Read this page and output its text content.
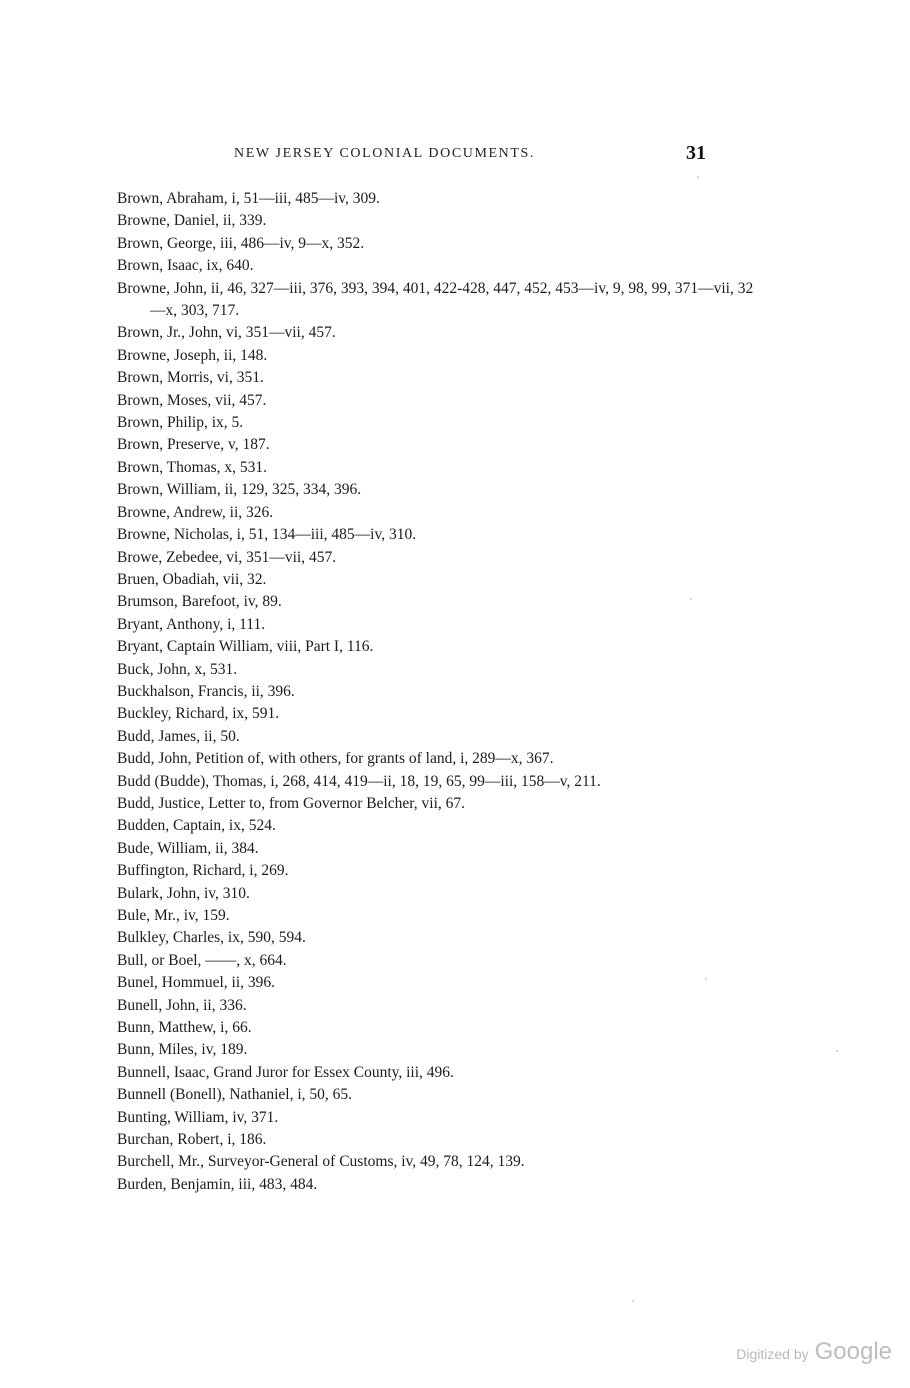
NEW JERSEY COLONIAL DOCUMENTS.	31
Brown, Abraham, i, 51—iii, 485—iv, 309.
Browne, Daniel, ii, 339.
Brown, George, iii, 486—iv, 9—x, 352.
Brown, Isaac, ix, 640.
Browne, John, ii, 46, 327—iii, 376, 393, 394, 401, 422-428, 447, 452, 453—iv, 9, 98, 99, 371—vii, 32—x, 303, 717.
Brown, Jr., John, vi, 351—vii, 457.
Browne, Joseph, ii, 148.
Brown, Morris, vi, 351.
Brown, Moses, vii, 457.
Brown, Philip, ix, 5.
Brown, Preserve, v, 187.
Brown, Thomas, x, 531.
Brown, William, ii, 129, 325, 334, 396.
Browne, Andrew, ii, 326.
Browne, Nicholas, i, 51, 134—iii, 485—iv, 310.
Browe, Zebedee, vi, 351—vii, 457.
Bruen, Obadiah, vii, 32.
Brumson, Barefoot, iv, 89.
Bryant, Anthony, i, 111.
Bryant, Captain William, viii, Part I, 116.
Buck, John, x, 531.
Buckhalson, Francis, ii, 396.
Buckley, Richard, ix, 591.
Budd, James, ii, 50.
Budd, John, Petition of, with others, for grants of land, i, 289—x, 367.
Budd (Budde), Thomas, i, 268, 414, 419—ii, 18, 19, 65, 99—iii, 158—v, 211.
Budd, Justice, Letter to, from Governor Belcher, vii, 67.
Budden, Captain, ix, 524.
Bude, William, ii, 384.
Buffington, Richard, i, 269.
Bulark, John, iv, 310.
Bule, Mr., iv, 159.
Bulkley, Charles, ix, 590, 594.
Bull, or Boel, ——, x, 664.
Bunel, Hommuel, ii, 396.
Bunell, John, ii, 336.
Bunn, Matthew, i, 66.
Bunn, Miles, iv, 189.
Bunnell, Isaac, Grand Juror for Essex County, iii, 496.
Bunnell (Bonell), Nathaniel, i, 50, 65.
Bunting, William, iv, 371.
Burchan, Robert, i, 186.
Burchell, Mr., Surveyor-General of Customs, iv, 49, 78, 124, 139.
Burden, Benjamin, iii, 483, 484.
Digitized by Google
